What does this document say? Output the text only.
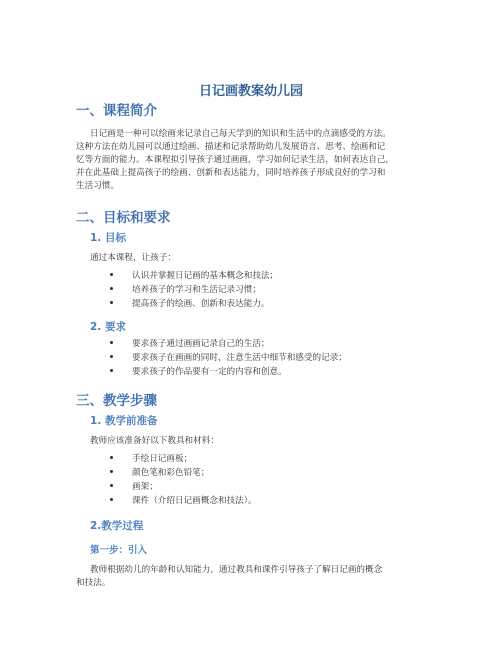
日记画教案幼儿园
一、课程简介
日记画是一种可以绘画来记录自己每天学到的知识和生活中的点滴感受的方法。
这种方法在幼儿园可以通过绘画、描述和记录帮助幼儿发展语言、思考、绘画和记
忆等方面的能力。本课程拟引导孩子通过画画，学习如何记录生活，如何表达自己，
并在此基础上提高孩子的绘画、创新和表达能力，同时培养孩子形成良好的学习和
生活习惯。
二、目标和要求
1. 目标
通过本课程，让孩子：
认识并掌握日记画的基本概念和技法；
培养孩子的学习和生活记录习惯；
提高孩子的绘画、创新和表达能力。
2. 要求
要求孩子通过画画记录自己的生活；
要求孩子在画画的同时，注意生活中细节和感受的记录；
要求孩子的作品要有一定的内容和创意。
三、教学步骤
1. 教学前准备
教师应该准备好以下教具和材料：
手绘日记画板；
颜色笔和彩色铅笔；
画架；
课件（介绍日记画概念和技法）。
2.教学过程
第一步：引入
教师根据幼儿的年龄和认知能力，通过教具和课件引导孩子了解日记画的概念
和技法。
